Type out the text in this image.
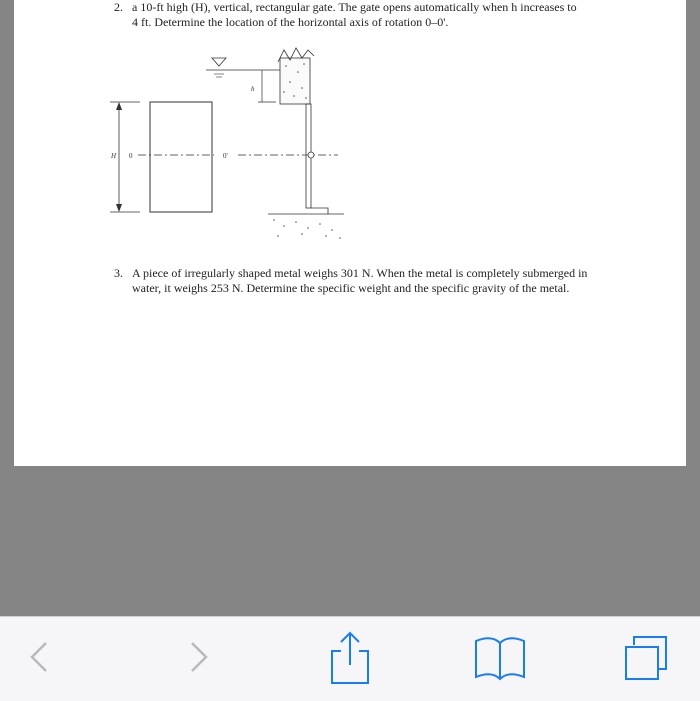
2. a 10-ft high (H), vertical, rectangular gate. The gate opens automatically when h increases to 4 ft. Determine the location of the horizontal axis of rotation 0–0'.
H 0	0'
h
3. A piece of irregularly shaped metal weighs 301 N. When the metal is completely submerged in water, it weighs 253 N. Determine the specific weight and the specific gravity of the metal.
